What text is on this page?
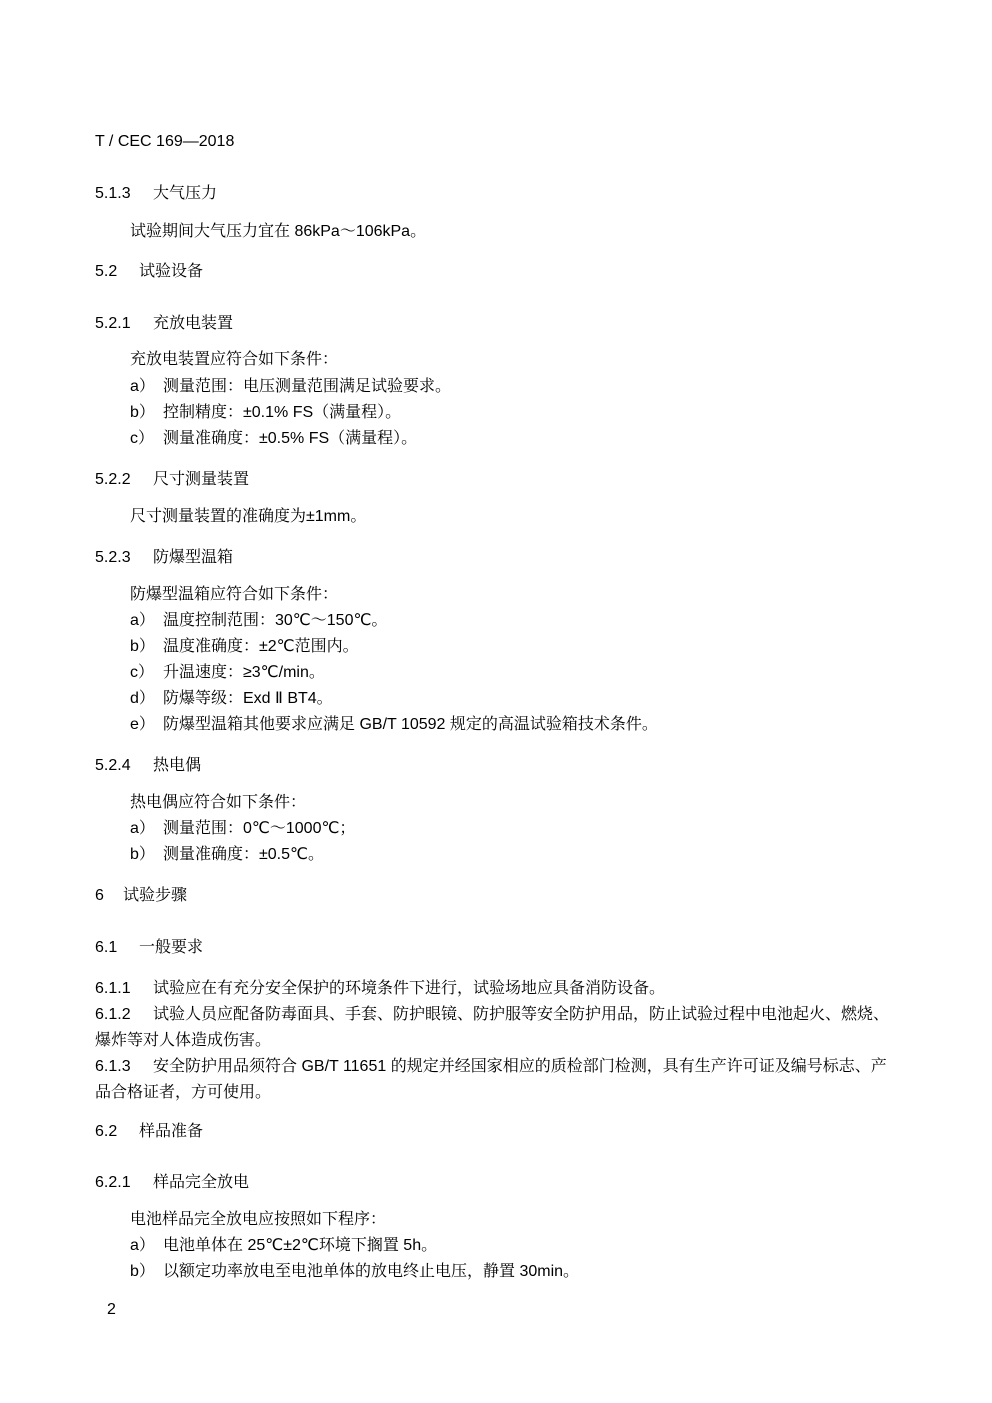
T / CEC 169—2018
5.1.3 大气压力
试验期间大气压力宜在 86kPa～106kPa。
5.2 试验设备
5.2.1 充放电装置
充放电装置应符合如下条件：
a） 测量范围：电压测量范围满足试验要求。
b） 控制精度：±0.1% FS（满量程）。
c） 测量准确度：±0.5% FS（满量程）。
5.2.2 尺寸测量装置
尺寸测量装置的准确度为±1mm。
5.2.3 防爆型温箱
防爆型温箱应符合如下条件：
a） 温度控制范围：30℃～150℃。
b） 温度准确度：±2℃范围内。
c） 升温速度：≥3℃/min。
d） 防爆等级：Exd Ⅱ BT4。
e） 防爆型温箱其他要求应满足 GB/T 10592 规定的高温试验箱技术条件。
5.2.4 热电偶
热电偶应符合如下条件：
a） 测量范围：0℃～1000℃；
b） 测量准确度：±0.5℃。
6 试验步骤
6.1 一般要求
6.1.1 试验应在有充分安全保护的环境条件下进行，试验场地应具备消防设备。
6.1.2 试验人员应配备防毒面具、手套、防护眼镜、防护服等安全防护用品，防止试验过程中电池起火、燃烧、爆炸等对人体造成伤害。
6.1.3 安全防护用品须符合 GB/T 11651 的规定并经国家相应的质检部门检测，具有生产许可证及编号标志、产品合格证者，方可使用。
6.2 样品准备
6.2.1 样品完全放电
电池样品完全放电应按照如下程序：
a） 电池单体在 25℃±2℃环境下搁置 5h。
b） 以额定功率放电至电池单体的放电终止电压，静置 30min。
2
